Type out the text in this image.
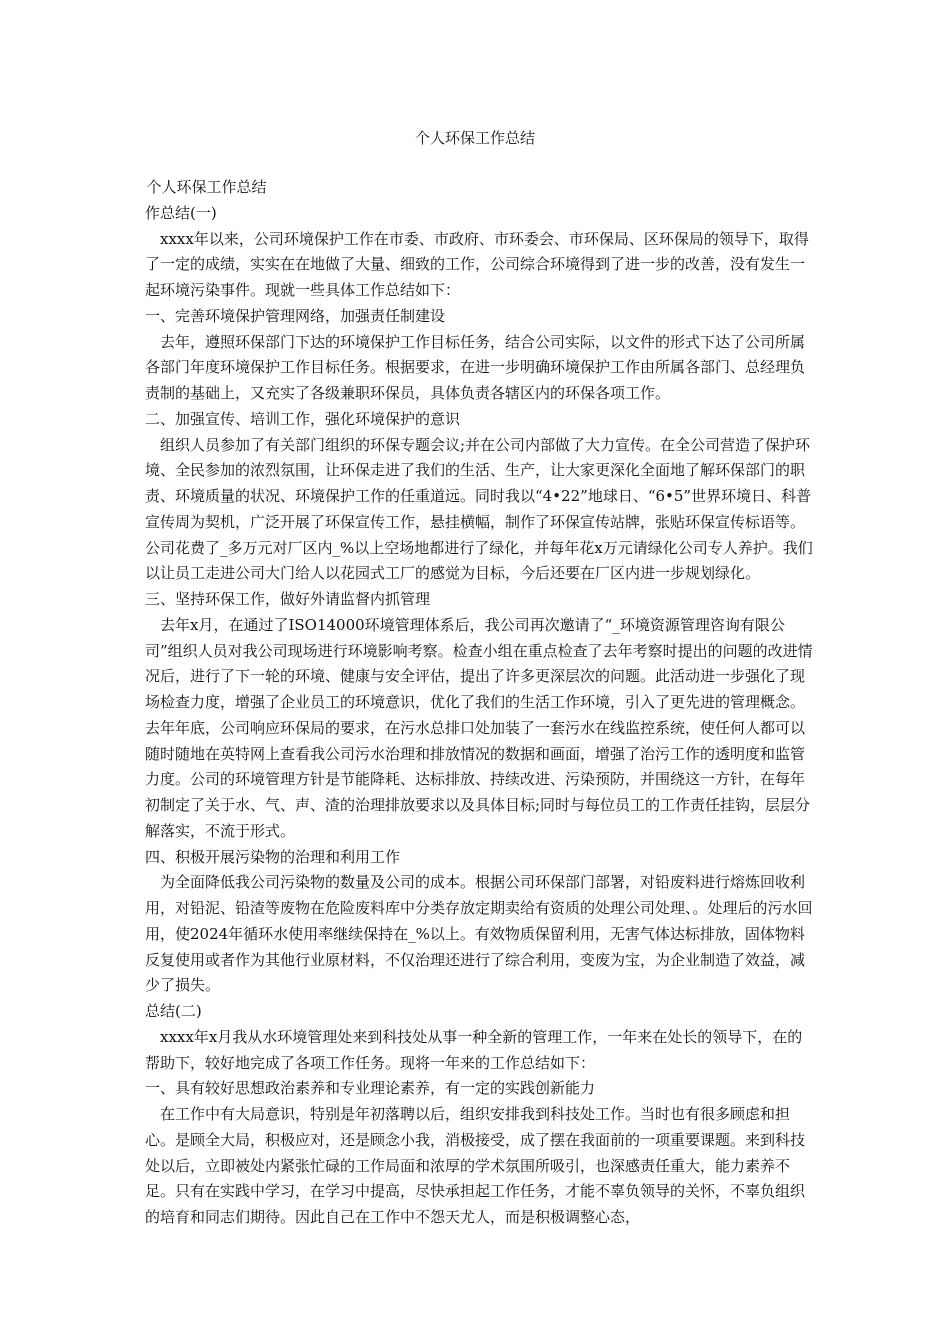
个人环保工作总结

个人环保工作总结

作总结(一)

xxxx年以来，公司环境保护工作在市委、市政府、市环委会、市环保局、区环保局的领导下，取得了一定的成绩，实实在在地做了大量、细致的工作，公司综合环境得到了进一步的改善，没有发生一起环境污染事件。现就一些具体工作总结如下：

一、完善环境保护管理网络，加强责任制建设

去年，遵照环保部门下达的环境保护工作目标任务，结合公司实际，以文件的形式下达了公司所属各部门年度环境保护工作目标任务。根据要求，在进一步明确环境保护工作由所属各部门、总经理负责制的基础上，又充实了各级兼职环保员，具体负责各辖区内的环保各项工作。

二、加强宣传、培训工作，强化环境保护的意识

组织人员参加了有关部门组织的环保专题会议;并在公司内部做了大力宣传。在全公司营造了保护环境、全民参加的浓烈氛围，让环保走进了我们的生活、生产，让大家更深化全面地了解环保部门的职责、环境质量的状况、环境保护工作的任重道远。同时我以“4•22”地球日、“6•5”世界环境日、科普宣传周为契机，广泛开展了环保宣传工作，悬挂横幅，制作了环保宣传站牌，张贴环保宣传标语等。公司花费了_多万元对厂区内_%以上空场地都进行了绿化，并每年花x万元请绿化公司专人养护。我们以让员工走进公司大门给人以花园式工厂的感觉为目标，今后还要在厂区内进一步规划绿化。

三、坚持环保工作，做好外请监督内抓管理

去年x月，在通过了ISO14000环境管理体系后，我公司再次邀请了“_环境资源管理咨询有限公司”组织人员对我公司现场进行环境影响考察。检查小组在重点检查了去年考察时提出的问题的改进情况后，进行了下一轮的环境、健康与安全评估，提出了许多更深层次的问题。此活动进一步强化了现场检查力度，增强了企业员工的环境意识，优化了我们的生活工作环境，引入了更先进的管理概念。去年年底，公司响应环保局的要求，在污水总排口处加装了一套污水在线监控系统，使任何人都可以随时随地在英特网上查看我公司污水治理和排放情况的数据和画面，增强了治污工作的透明度和监管力度。公司的环境管理方针是节能降耗、达标排放、持续改进、污染预防，并围绕这一方针，在每年初制定了关于水、气、声、渣的治理排放要求以及具体目标;同时与每位员工的工作责任挂钩，层层分解落实，不流于形式。

四、积极开展污染物的治理和利用工作

为全面降低我公司污染物的数量及公司的成本。根据公司环保部门部署，对铅废料进行熔炼回收利用，对铅泥、铅渣等废物在危险废料库中分类存放定期卖给有资质的处理公司处理、。处理后的污水回用，使2024年循环水使用率继续保持在_%以上。有效物质保留利用，无害气体达标排放，固体物料反复使用或者作为其他行业原材料，不仅治理还进行了综合利用，变废为宝，为企业制造了效益，减少了损失。

总结(二)

xxxx年x月我从水环境管理处来到科技处从事一种全新的管理工作，一年来在处长的领导下，在的帮助下，较好地完成了各项工作任务。现将一年来的工作总结如下：

一、具有较好思想政治素养和专业理论素养，有一定的实践创新能力

在工作中有大局意识，特别是年初落聘以后，组织安排我到科技处工作。当时也有很多顾虑和担心。是顾全大局，积极应对，还是顾念小我，消极接受，成了摆在我面前的一项重要课题。来到科技处以后，立即被处内紧张忙碌的工作局面和浓厚的学术氛围所吸引，也深感责任重大，能力素养不足。只有在实践中学习，在学习中提高，尽快承担起工作任务，才能不辜负领导的关怀，不辜负组织的培育和同志们期待。因此自己在工作中不怨天尤人，而是积极调整心态，
